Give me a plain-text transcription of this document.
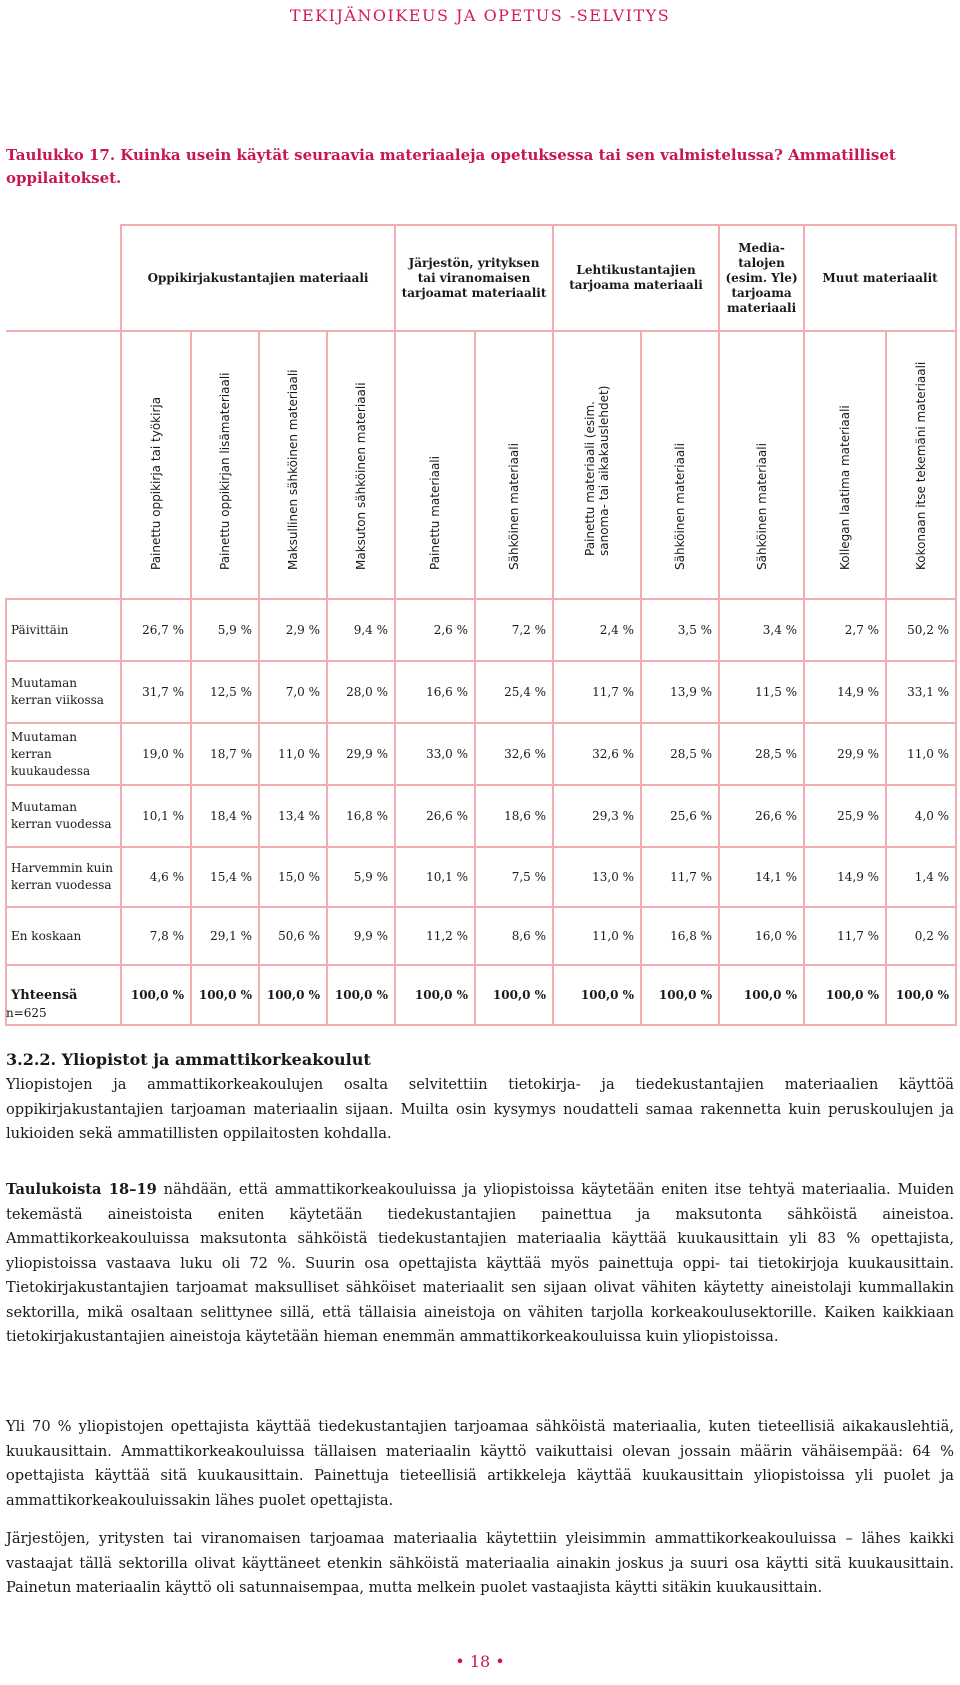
TEKIJÄNOIKEUS JA OPETUS -SELVITYS
Taulukko 17. Kuinka usein käytät seuraavia materiaaleja opetuksessa tai sen valmistelussa? Ammatilliset oppilaitokset.
	Oppikirjakustantajien materiaali				Järjestön, yrityksen tai viranomaisen tarjoamat materiaalit		Lehtikustantajien tarjoama materiaali		Media-talojen (esim. Yle) tarjoama materiaali	Muut materiaalit	

	Painettu oppikirja tai työkirja	Painettu oppikirjan lisämateriaali	Maksullinen sähköinen materiaali	Maksuton sähköinen materiaali	Painettu materiaali	Sähköinen materiaali	Painettu materiaali (esim.
sanoma- tai aikakauslehdet)	Sähköinen materiaali	Sähköinen materiaali	Kollegan laatima materiaali	Kokonaan itse tekemäni materiaali

Päivittäin	26,7 %	5,9 %	2,9 %	9,4 %	2,6 %	7,2 %	2,4 %	3,5 %	3,4 %	2,7 %	50,2 %
Muutaman kerran viikossa	31,7 %	12,5 %	7,0 %	28,0 %	16,6 %	25,4 %	11,7 %	13,9 %	11,5 %	14,9 %	33,1 %
Muutaman kerran kuukaudessa	19,0 %	18,7 %	11,0 %	29,9 %	33,0 %	32,6 %	32,6 %	28,5 %	28,5 %	29,9 %	11,0 %
Muutaman kerran vuodessa	10,1 %	18,4 %	13,4 %	16,8 %	26,6 %	18,6 %	29,3 %	25,6 %	26,6 %	25,9 %	4,0 %
Harvemmin kuin kerran vuodessa	4,6 %	15,4 %	15,0 %	5,9 %	10,1 %	7,5 %	13,0 %	11,7 %	14,1 %	14,9 %	1,4 %
En koskaan	7,8 %	29,1 %	50,6 %	9,9 %	11,2 %	8,6 %	11,0 %	16,8 %	16,0 %	11,7 %	0,2 %
Yhteensä	100,0 %	100,0 %	100,0 %	100,0 %	100,0 %	100,0 %	100,0 %	100,0 %	100,0 %	100,0 %	100,0 %
n=625
3.2.2. Yliopistot ja ammattikorkeakoulut
Yliopistojen ja ammattikorkeakoulujen osalta selvitettiin tietokirja- ja tiedekustantajien materiaalien käyttöä oppikirjakustantajien tarjoaman materiaalin sijaan. Muilta osin kysymys noudatteli samaa rakennetta kuin peruskoulujen ja lukioiden sekä ammatillisten oppilaitosten kohdalla.
Taulukoista 18–19 nähdään, että ammattikorkeakouluissa ja yliopistoissa käytetään eniten itse tehtyä materiaalia. Muiden tekemästä aineistoista eniten käytetään tiedekustantajien painettua ja maksutonta sähköistä aineistoa. Ammattikorkeakouluissa maksutonta sähköistä tiedekustantajien materiaalia käyttää kuukausittain yli 83 % opettajista, yliopistoissa vastaava luku oli 72 %. Suurin osa opettajista käyttää myös painettuja oppi- tai tietokirjoja kuukausittain. Tietokirjakustantajien tarjoamat maksulliset sähköiset materiaalit sen sijaan olivat vähiten käytetty aineistolaji kummallakin sektorilla, mikä osaltaan selittynee sillä, että tällaisia aineistoja on vähiten tarjolla korkeakoulusektorille. Kaiken kaikkiaan tietokirjakustantajien aineistoja käytetään hieman enemmän ammattikorkeakouluissa kuin yliopistoissa.
Yli 70 % yliopistojen opettajista käyttää tiedekustantajien tarjoamaa sähköistä materiaalia, kuten tieteellisiä aikakauslehtiä, kuukausittain. Ammattikorkeakouluissa tällaisen materiaalin käyttö vaikuttaisi olevan jossain määrin vähäisempää: 64 % opettajista käyttää sitä kuukausittain. Painettuja tieteellisiä artikkeleja käyttää kuukausittain yliopistoissa yli puolet ja ammattikorkeakouluissakin lähes puolet opettajista.
Järjestöjen, yritysten tai viranomaisen tarjoamaa materiaalia käytettiin yleisimmin ammattikorkeakouluissa – lähes kaikki vastaajat tällä sektorilla olivat käyttäneet etenkin sähköistä materiaalia ainakin joskus ja suuri osa käytti sitä kuukausittain. Painetun materiaalin käyttö oli satunnaisempaa, mutta melkein puolet vastaajista käytti sitäkin kuukausittain.
• 18 •
